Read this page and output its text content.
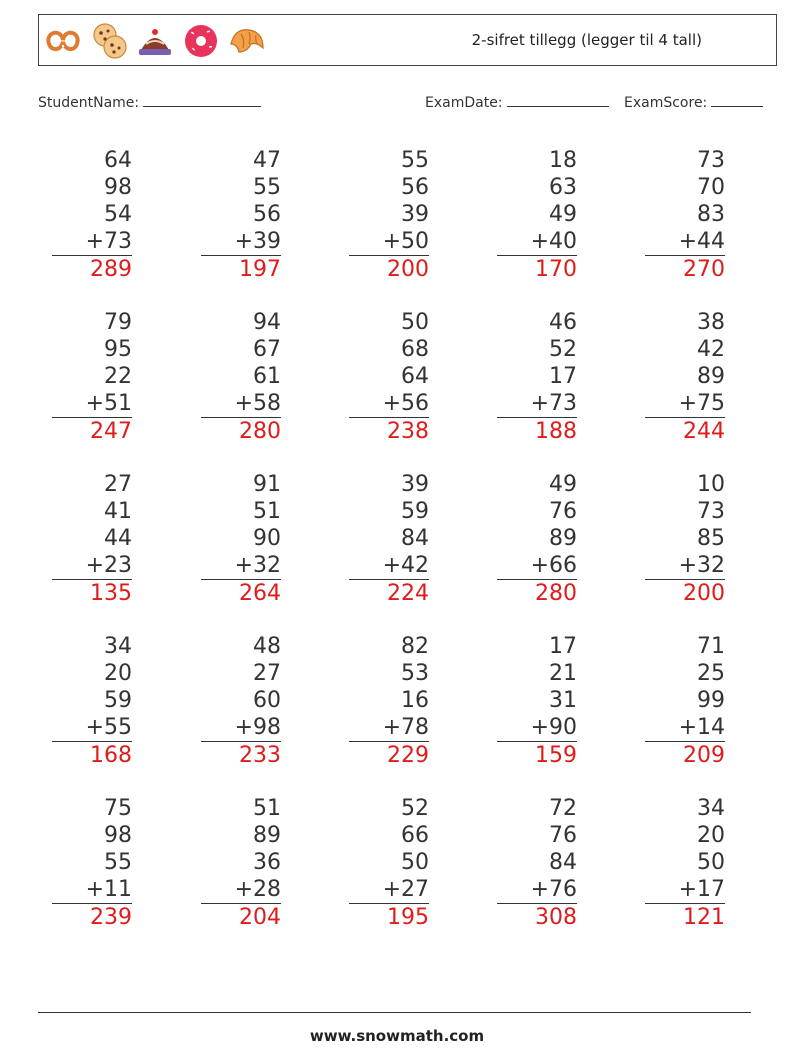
2-sifret tillegg (legger til 4 tall)
StudentName:	ExamDate:	ExamScore:
64
98
54
+73
289
47
55
56
+39
197
55
56
39
+50
200
18
63
49
+40
170
73
70
83
+44
270
79
95
22
+51
247
94
67
61
+58
280
50
68
64
+56
238
46
52
17
+73
188
38
42
89
+75
244
27
41
44
+23
135
91
51
90
+32
264
39
59
84
+42
224
49
76
89
+66
280
10
73
85
+32
200
34
20
59
+55
168
48
27
60
+98
233
82
53
16
+78
229
17
21
31
+90
159
71
25
99
+14
209
75
98
55
+11
239
51
89
36
+28
204
52
66
50
+27
195
72
76
84
+76
308
34
20
50
+17
121
www.snowmath.com
